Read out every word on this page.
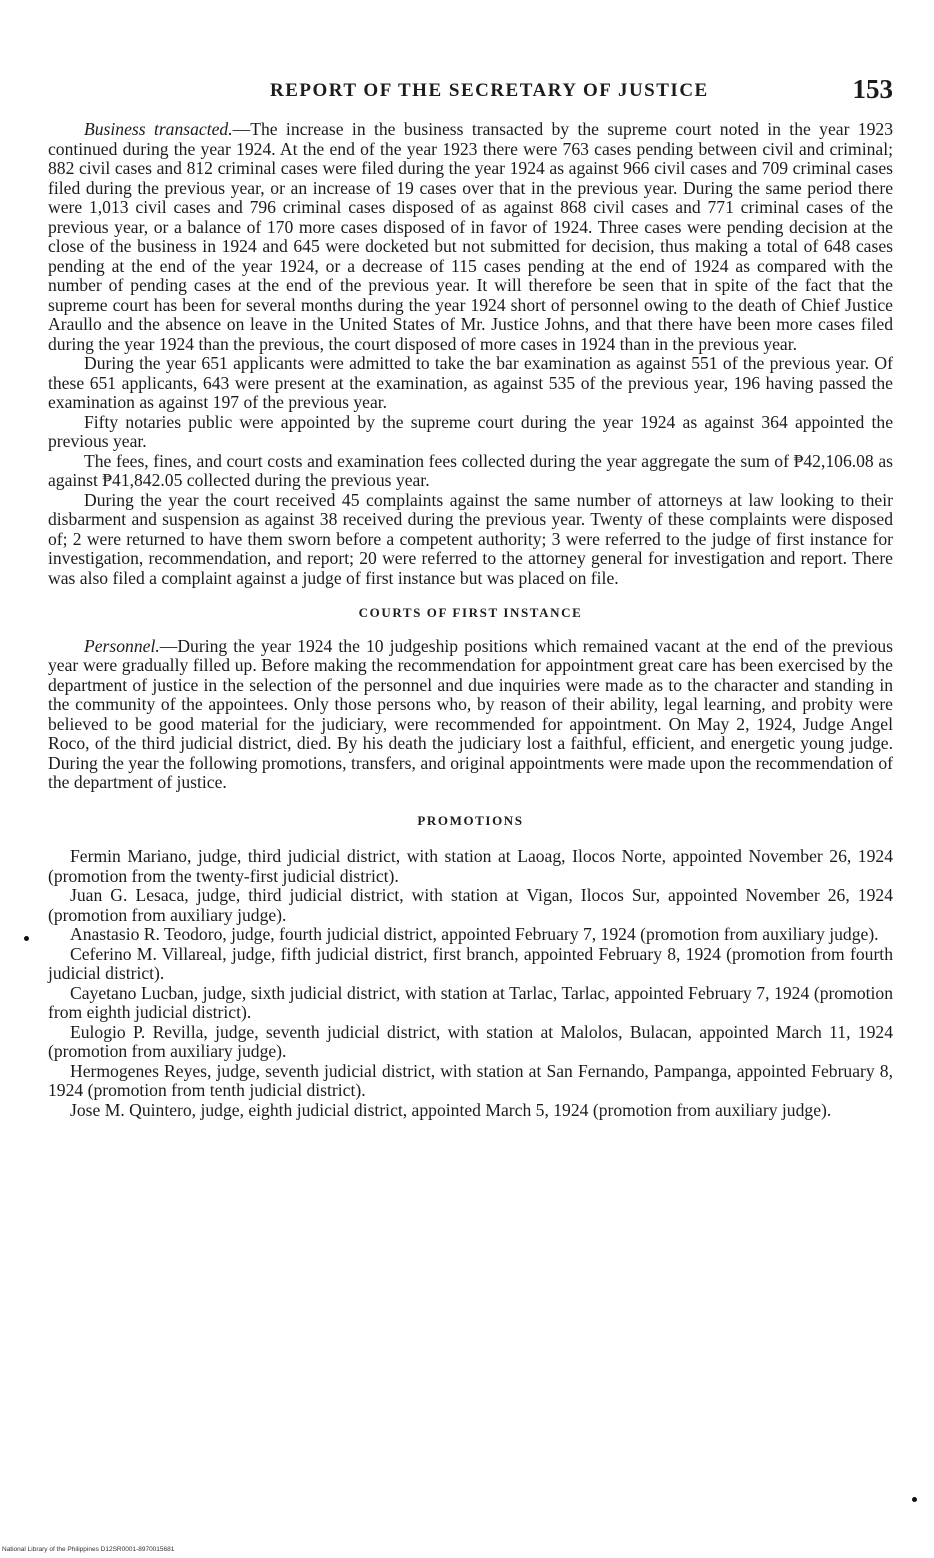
REPORT OF THE SECRETARY OF JUSTICE	153

Business transacted.—The increase in the business transacted by the supreme court noted in the year 1923 continued during the year 1924. At the end of the year 1923 there were 763 cases pending between civil and criminal; 882 civil cases and 812 criminal cases were filed during the year 1924 as against 966 civil cases and 709 criminal cases filed during the previous year, or an increase of 19 cases over that in the previous year. During the same period there were 1,013 civil cases and 796 criminal cases disposed of as against 868 civil cases and 771 criminal cases of the previous year, or a balance of 170 more cases disposed of in favor of 1924. Three cases were pending decision at the close of the business in 1924 and 645 were docketed but not submitted for decision, thus making a total of 648 cases pending at the end of the year 1924, or a decrease of 115 cases pending at the end of 1924 as compared with the number of pending cases at the end of the previous year. It will therefore be seen that in spite of the fact that the supreme court has been for several months during the year 1924 short of personnel owing to the death of Chief Justice Araullo and the absence on leave in the United States of Mr. Justice Johns, and that there have been more cases filed during the year 1924 than the previous, the court disposed of more cases in 1924 than in the previous year.

During the year 651 applicants were admitted to take the bar examination as against 551 of the previous year. Of these 651 applicants, 643 were present at the examination, as against 535 of the previous year, 196 having passed the examination as against 197 of the previous year.

Fifty notaries public were appointed by the supreme court during the year 1924 as against 364 appointed the previous year.

The fees, fines, and court costs and examination fees collected during the year aggregate the sum of ₱42,106.08 as against ₱41,842.05 collected during the previous year.

During the year the court received 45 complaints against the same number of attorneys at law looking to their disbarment and suspension as against 38 received during the previous year. Twenty of these complaints were disposed of; 2 were returned to have them sworn before a competent authority; 3 were referred to the judge of first instance for investigation, recommendation, and report; 20 were referred to the attorney general for investigation and report. There was also filed a complaint against a judge of first instance but was placed on file.

COURTS OF FIRST INSTANCE

Personnel.—During the year 1924 the 10 judgeship positions which remained vacant at the end of the previous year were gradually filled up. Before making the recommendation for appointment great care has been exercised by the department of justice in the selection of the personnel and due inquiries were made as to the character and standing in the community of the appointees. Only those persons who, by reason of their ability, legal learning, and probity were believed to be good material for the judiciary, were recommended for appointment. On May 2, 1924, Judge Angel Roco, of the third judicial district, died. By his death the judiciary lost a faithful, efficient, and energetic young judge. During the year the following promotions, transfers, and original appointments were made upon the recommendation of the department of justice.

PROMOTIONS

Fermin Mariano, judge, third judicial district, with station at Laoag, Ilocos Norte, appointed November 26, 1924 (promotion from the twenty-first judicial district).

Juan G. Lesaca, judge, third judicial district, with station at Vigan, Ilocos Sur, appointed November 26, 1924 (promotion from auxiliary judge).

Anastasio R. Teodoro, judge, fourth judicial district, appointed February 7, 1924 (promotion from auxiliary judge).

Ceferino M. Villareal, judge, fifth judicial district, first branch, appointed February 8, 1924 (promotion from fourth judicial district).

Cayetano Lucban, judge, sixth judicial district, with station at Tarlac, Tarlac, appointed February 7, 1924 (promotion from eighth judicial district).

Eulogio P. Revilla, judge, seventh judicial district, with station at Malolos, Bulacan, appointed March 11, 1924 (promotion from auxiliary judge).

Hermogenes Reyes, judge, seventh judicial district, with station at San Fernando, Pampanga, appointed February 8, 1924 (promotion from tenth judicial district).

Jose M. Quintero, judge, eighth judicial district, appointed March 5, 1924 (promotion from auxiliary judge).

National Library of the Philippines D12SR0001-8970015681
